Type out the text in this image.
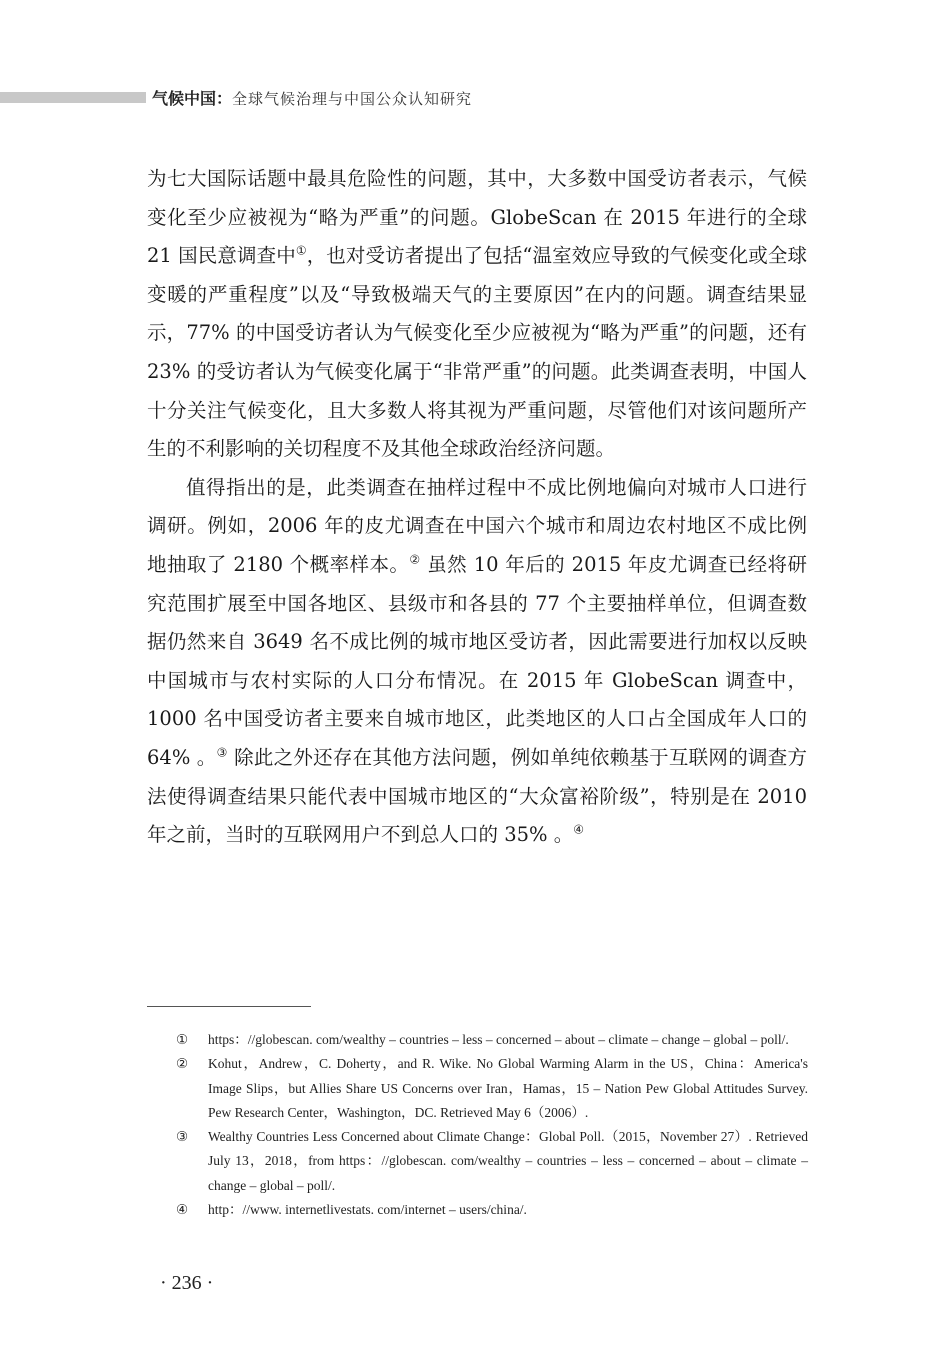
气候中国：全球气候治理与中国公众认知研究

为七大国际话题中最具危险性的问题，其中，大多数中国受访者表示，气候变化至少应被视为“略为严重”的问题。GlobeScan 在 2015 年进行的全球 21 国民意调查中①，也对受访者提出了包括“温室效应导致的气候变化或全球变暖的严重程度”以及“导致极端天气的主要原因”在内的问题。调查结果显示，77% 的中国受访者认为气候变化至少应被视为“略为严重”的问题，还有 23% 的受访者认为气候变化属于“非常严重”的问题。此类调查表明，中国人十分关注气候变化，且大多数人将其视为严重问题，尽管他们对该问题所产生的不利影响的关切程度不及其他全球政治经济问题。

值得指出的是，此类调查在抽样过程中不成比例地偏向对城市人口进行调研。例如，2006 年的皮尤调查在中国六个城市和周边农村地区不成比例地抽取了 2180 个概率样本。② 虽然 10 年后的 2015 年皮尤调查已经将研究范围扩展至中国各地区、县级市和各县的 77 个主要抽样单位，但调查数据仍然来自 3649 名不成比例的城市地区受访者，因此需要进行加权以反映中国城市与农村实际的人口分布情况。在 2015 年 GlobeScan 调查中，1000 名中国受访者主要来自城市地区，此类地区的人口占全国成年人口的 64% 。③ 除此之外还存在其他方法问题，例如单纯依赖基于互联网的调查方法使得调查结果只能代表中国城市地区的“大众富裕阶级”，特别是在 2010 年之前，当时的互联网用户不到总人口的 35% 。④

①	https：//globescan. com/wealthy – countries – less – concerned – about – climate – change – global – poll/.
②	Kohut，Andrew，C. Doherty，and R. Wike. No Global Warming Alarm in the US，China：America's Image Slips，but Allies Share US Concerns over Iran，Hamas，15 – Nation Pew Global Attitudes Survey. Pew Research Center，Washington，DC. Retrieved May 6（2006）.
③	Wealthy Countries Less Concerned about Climate Change：Global Poll.（2015，November 27）. Retrieved July 13，2018，from https：//globescan. com/wealthy – countries – less – concerned – about – climate – change – global – poll/.
④	http：//www. internetlivestats. com/internet – users/china/.
· 236 ·
